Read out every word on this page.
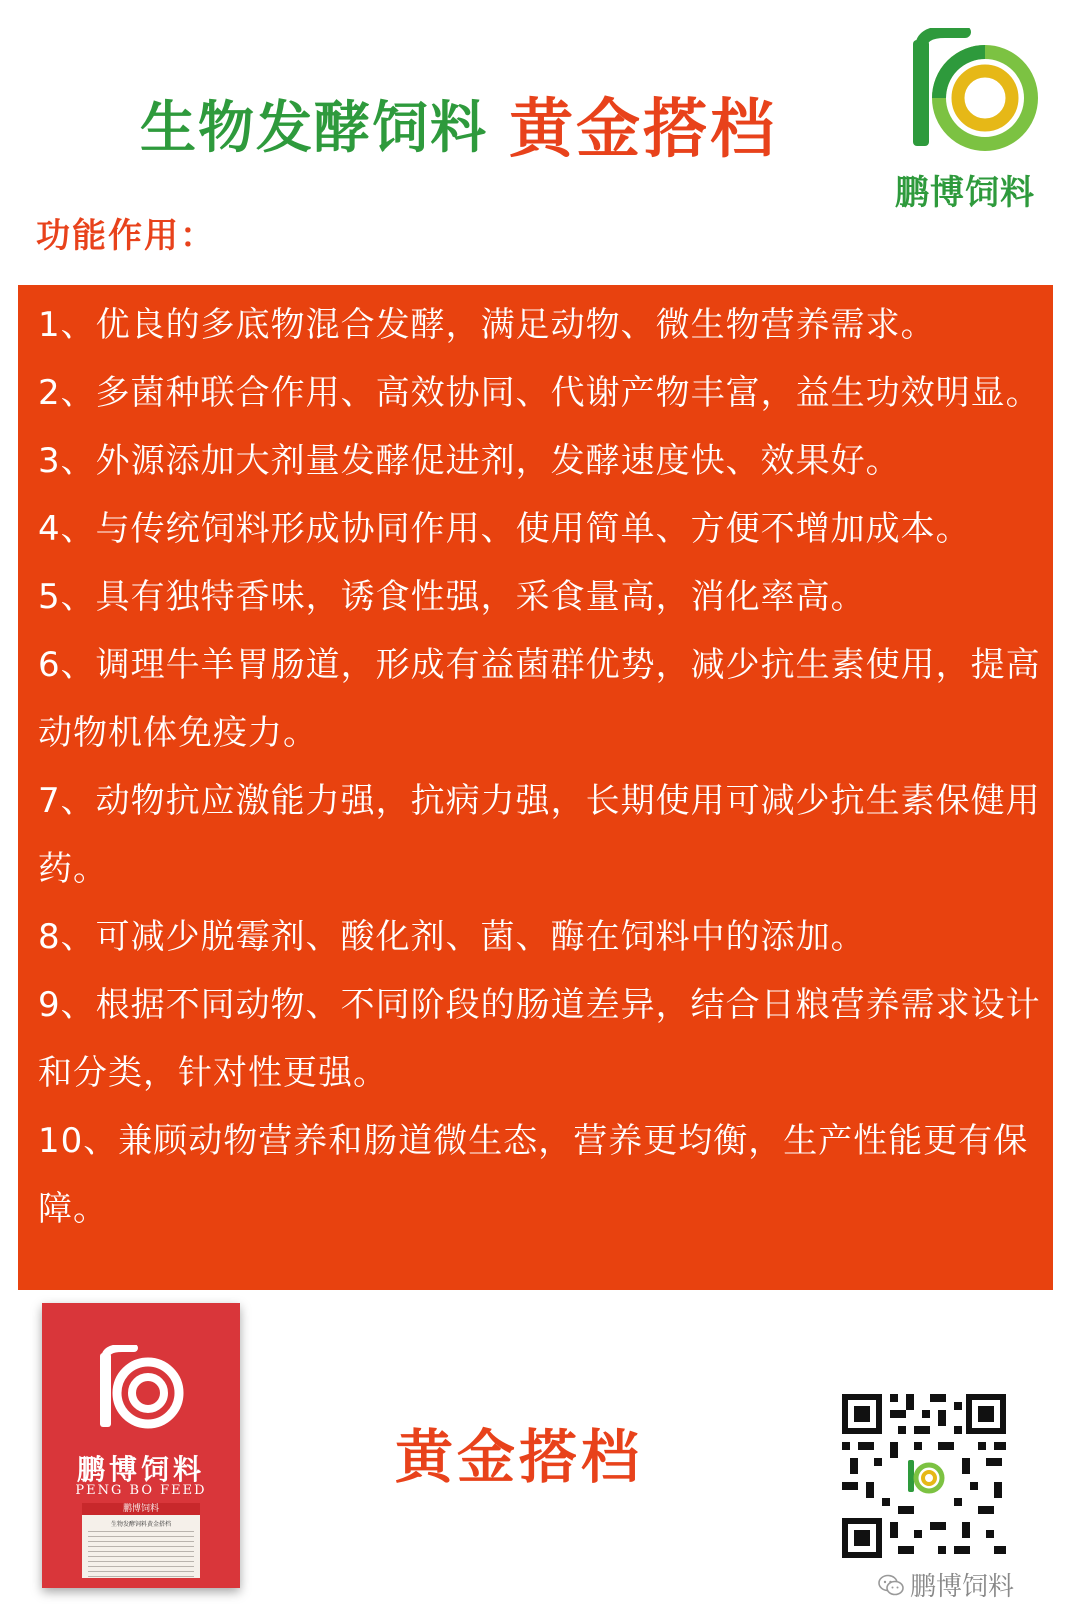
生物发酵饲料 黄金搭档
鹏博饲料
功能作用：
1、优良的多底物混合发酵，满足动物、微生物营养需求。
2、多菌种联合作用、高效协同、代谢产物丰富，益生功效明显。
3、外源添加大剂量发酵促进剂，发酵速度快、效果好。
4、与传统饲料形成协同作用、使用简单、方便不增加成本。
5、具有独特香味，诱食性强，采食量高，消化率高。
6、调理牛羊胃肠道，形成有益菌群优势，减少抗生素使用，提高动物机体免疫力。
7、动物抗应激能力强，抗病力强，长期使用可减少抗生素保健用药。
8、可减少脱霉剂、酸化剂、菌、酶在饲料中的添加。
9、根据不同动物、不同阶段的肠道差异，结合日粮营养需求设计和分类，针对性更强。
10、兼顾动物营养和肠道微生态，营养更均衡，生产性能更有保障。
鹏博饲料
PENG BO FEED
鹏博饲料
生物发酵饲料黄金搭档
黄金搭档
鹏博饲料
